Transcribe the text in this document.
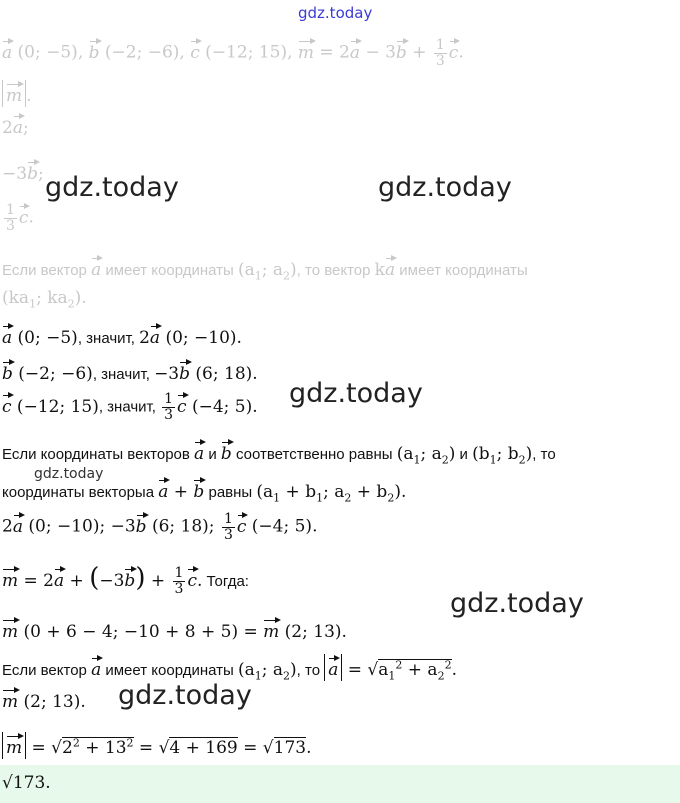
gdz.today
a (0; −5), b (−2; −6), c (−12; 15), $m = 2a - 3b + \frac{1}{3} c$.
m .
2a;
−3b;
$\frac{1}{3} c$.
Если вектор a имеет координаты ($a_1$; $a_2$), то вектор ka имеет координаты
($ka_1$; $ka_2$).
a (0; −5), значит, 2a (0; −10).
b (−2; −6), значит, −3b (6; 18).
c (−12; 15), значит, $\frac{1}{3}$ c (−4; 5).
Если координаты векторов a и b соответственно равны ($a_1$; $a_2$) и ($b_1$; $b_2$), то
координаты векторыа a + b равны ($a_1 + b_1$; $a_2 + b_2$).
2a (0; −10); −3b (6; 18); $\frac{1}{3}$ c (−4; 5).
$m = 2a + (-3b) + \frac{1}{3} c$. Тогда:
m (0 + 6 − 4; −10 + 8 + 5) = m (2; 13).
Если вектор a имеет координаты ($a_1$; $a_2$), то $a = √a_1^2 + a_2^2$.
m (2; 13).
$m = √2^2 + 13^2 = √4 + 169 = √173$.
√173.
gdz.today	gdz.today
gdz.today
gdz.today
gdz.today
gdz.today
